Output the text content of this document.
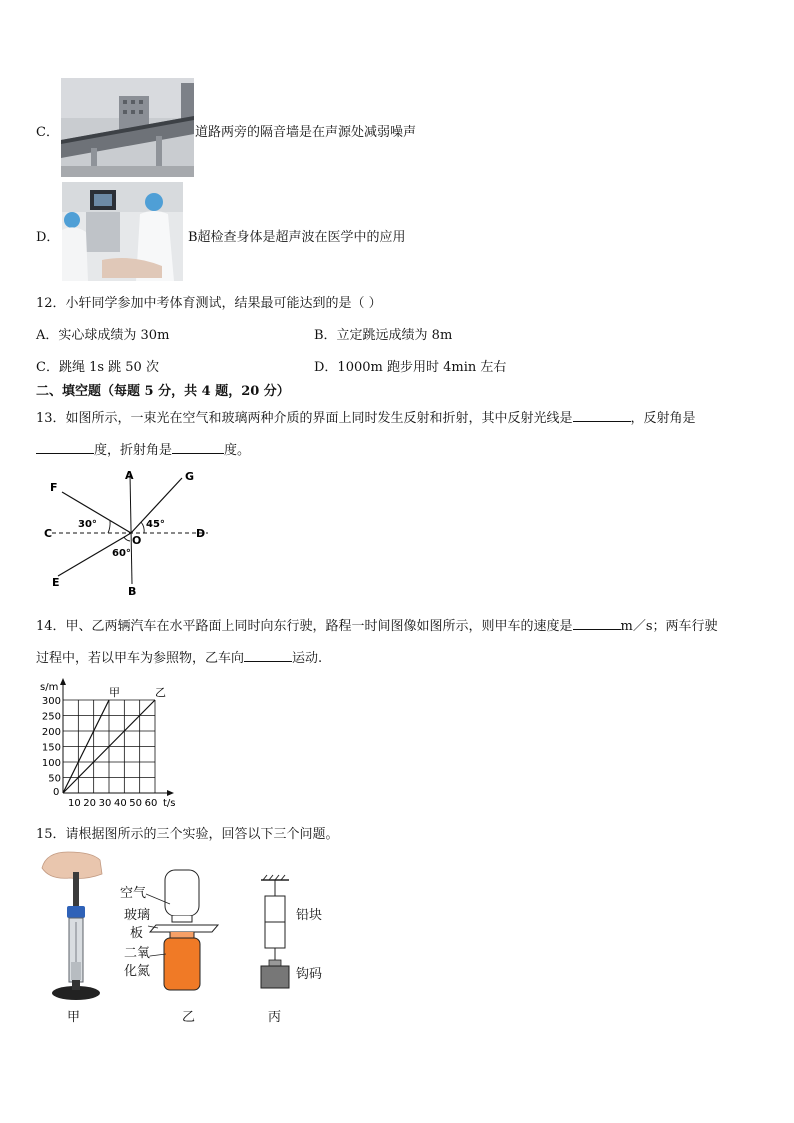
C．	道路两旁的隔音墙是在声源处减弱噪声
D．	B超检查身体是超声波在医学中的应用
12．小轩同学参加中考体育测试，结果最可能达到的是（ ）
A．实心球成绩为 30m	B．立定跳远成绩为 8m
C．跳绳 1s 跳 50 次	D．1000m 跑步用时 4min 左右
二、填空题（每题 5 分，共 4 题，20 分）
13．如图所示，一束光在空气和玻璃两种介质的界面上同时发生反射和折射，其中反射光线是	，反射角是
度，折射角是	度。
A
B
C	D
E
F
G
O
30°	45°
60°
14．甲、乙两辆汽车在水平路面上同时向东行驶，路程一时间图像如图所示，则甲车的速度是	m／s；两车行驶
过程中，若以甲车为参照物，乙车向	运动.
50
100
150
200
250
300
0
10 20 30 40 50 60 t/s
s/m	甲	乙
15．请根据图所示的三个实验，回答以下三个问题。
甲
空气
玻璃
板
二氧
化氮
乙
铅块
钩码
丙
